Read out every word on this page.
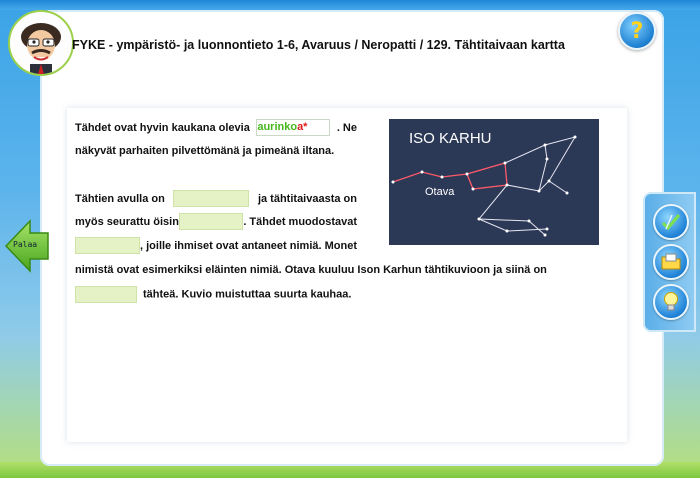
FYKE - ympäristö- ja luonnontieto 1-6, Avaruus / Neropatti / 129. Tähtitaivaan kartta
?
Palaa
ISO KARHU
Otava
Tähdet ovat hyvin kaukana olevia aurinkoa*	. Ne
näkyvät parhaiten pilvettömänä ja pimeänä iltana.
Tähtien avulla on	ja tähtitaivaasta on
myös seurattu öisin	. Tähdet muodostavat
, joille ihmiset ovat antaneet nimiä. Monet
nimistä ovat esimerkiksi eläinten nimiä. Otava kuuluu Ison Karhun tähtikuvioon ja siinä on
tähteä. Kuvio muistuttaa suurta kauhaa.
